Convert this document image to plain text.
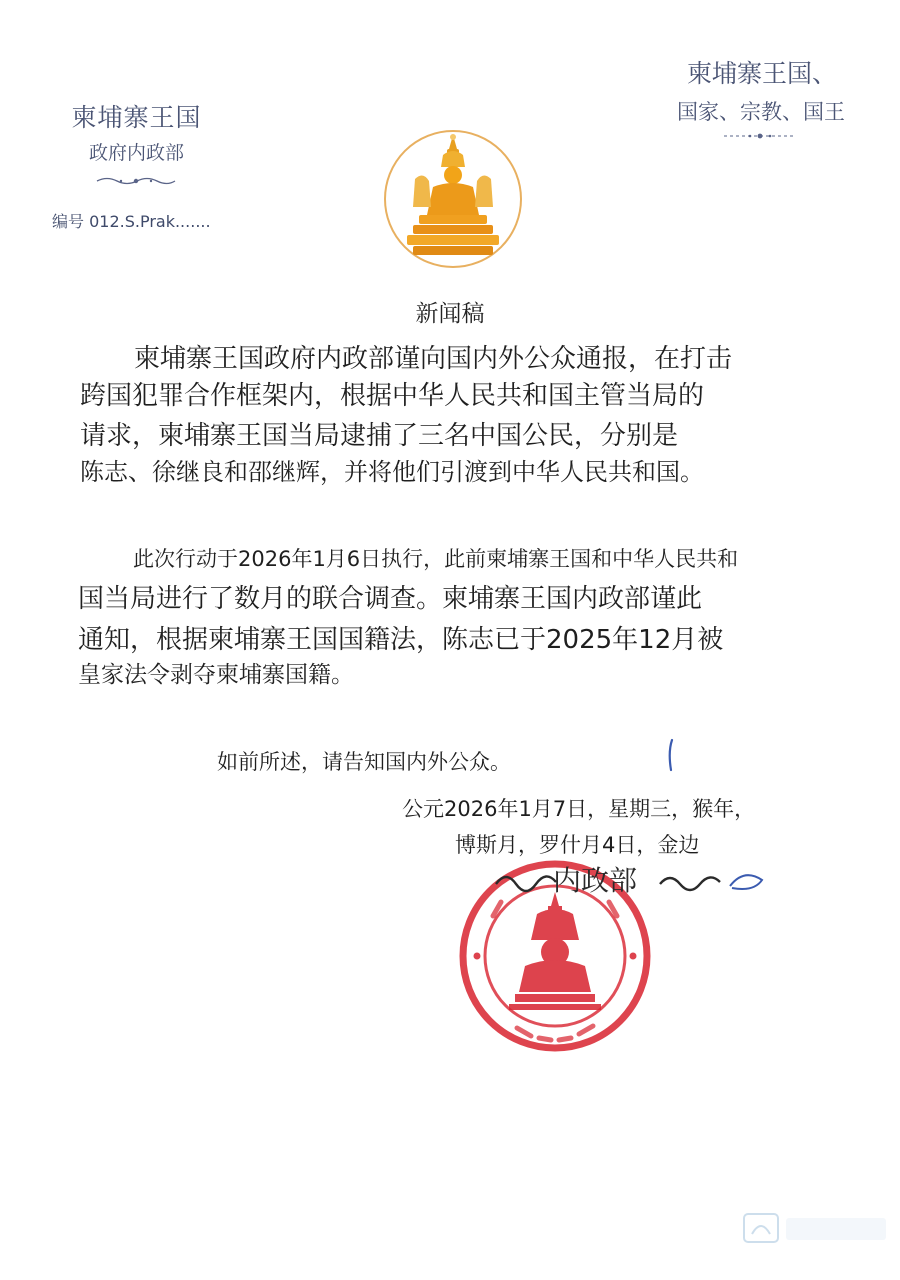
柬埔寨王国
政府内政部
编号 012.S.Prak.......
柬埔寨王国、
国家、宗教、国王
新闻稿
柬埔寨王国政府内政部谨向国内外公众通报，在打击
跨国犯罪合作框架内，根据中华人民共和国主管当局的
请求，柬埔寨王国当局逮捕了三名中国公民，分别是
陈志、徐继良和邵继辉，并将他们引渡到中华人民共和国。
此次行动于2026年1月6日执行，此前柬埔寨王国和中华人民共和
国当局进行了数月的联合调查。柬埔寨王国内政部谨此
通知，根据柬埔寨王国国籍法，陈志已于2025年12月被
皇家法令剥夺柬埔寨国籍。
如前所述，请告知国内外公众。
公元2026年1月7日，星期三，猴年，
博斯月，罗什月4日，金边
内政部
